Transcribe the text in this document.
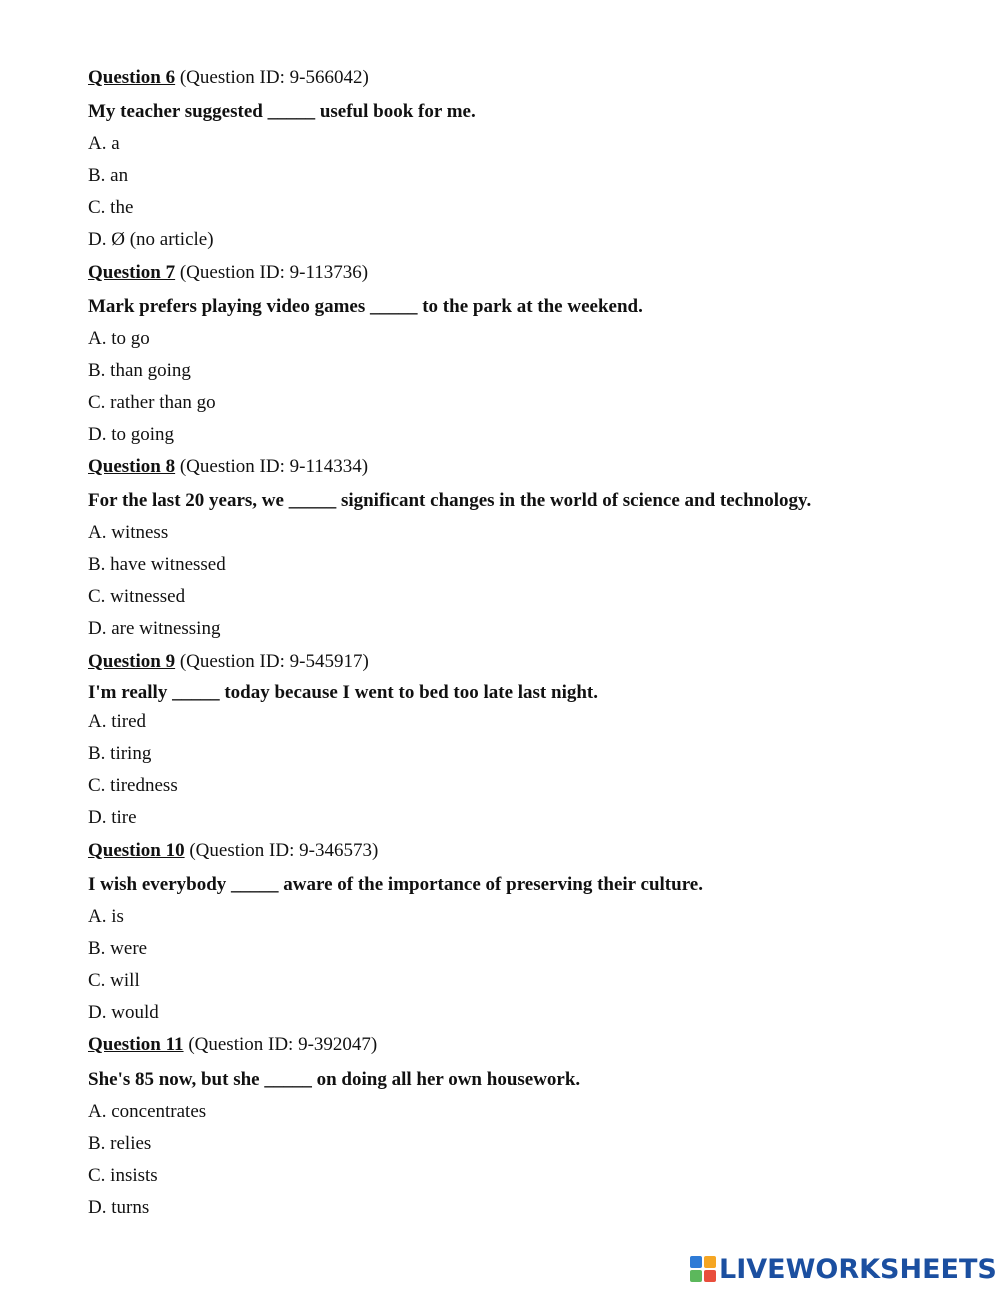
Question 6 (Question ID: 9-566042)
My teacher suggested _____ useful book for me.
A. a
B. an
C. the
D. Ø (no article)
Question 7 (Question ID: 9-113736)
Mark prefers playing video games _____ to the park at the weekend.
A. to go
B. than going
C. rather than go
D. to going
Question 8 (Question ID: 9-114334)
For the last 20 years, we _____ significant changes in the world of science and technology.
A. witness
B. have witnessed
C. witnessed
D. are witnessing
Question 9 (Question ID: 9-545917)
I'm really _____ today because I went to bed too late last night.
A. tired
B. tiring
C. tiredness
D. tire
Question 10 (Question ID: 9-346573)
I wish everybody _____ aware of the importance of preserving their culture.
A. is
B. were
C. will
D. would
Question 11 (Question ID: 9-392047)
She's 85 now, but she _____ on doing all her own housework.
A. concentrates
B. relies
C. insists
D. turns
LIVEWORKSHEETS
